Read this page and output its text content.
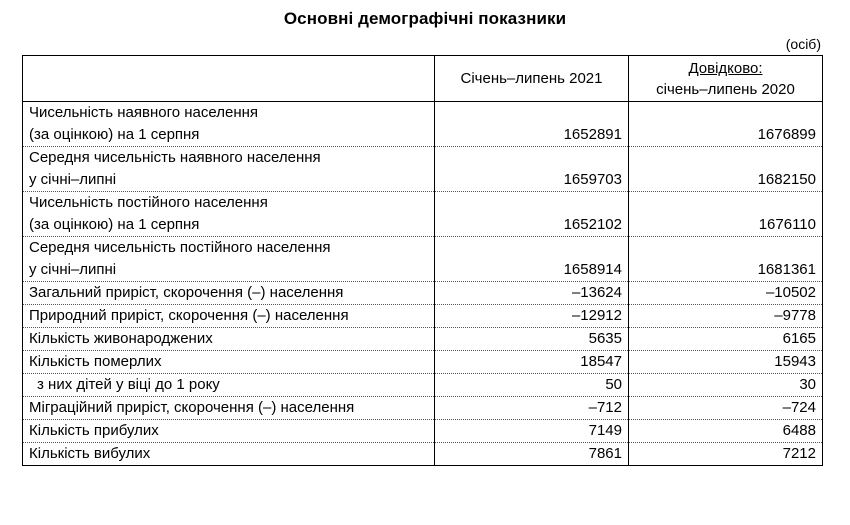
Основні демографічні показники
(осіб)
	Січень–липень 2021	Довідково:
січень–липень 2020

Чисельність наявного населення
(за оцінкою) на 1 серпня	1652891	1676899

Середня чисельність наявного населення
у січні–липні	1659703	1682150

Чисельність постійного населення
(за оцінкою) на 1 серпня	1652102	1676110

Середня чисельність постійного населення
у січні–липні	1658914	1681361
Загальний приріст, скорочення (–) населення	–13624	–10502
Природний приріст, скорочення (–) населення	–12912	–9778
Кількість живонароджених	5635	6165
Кількість померлих	18547	15943
з них дітей у віці до 1 року	50	30
Міграційний приріст, скорочення (–) населення	–712	–724
Кількість прибулих	7149	6488
Кількість вибулих	7861	7212
